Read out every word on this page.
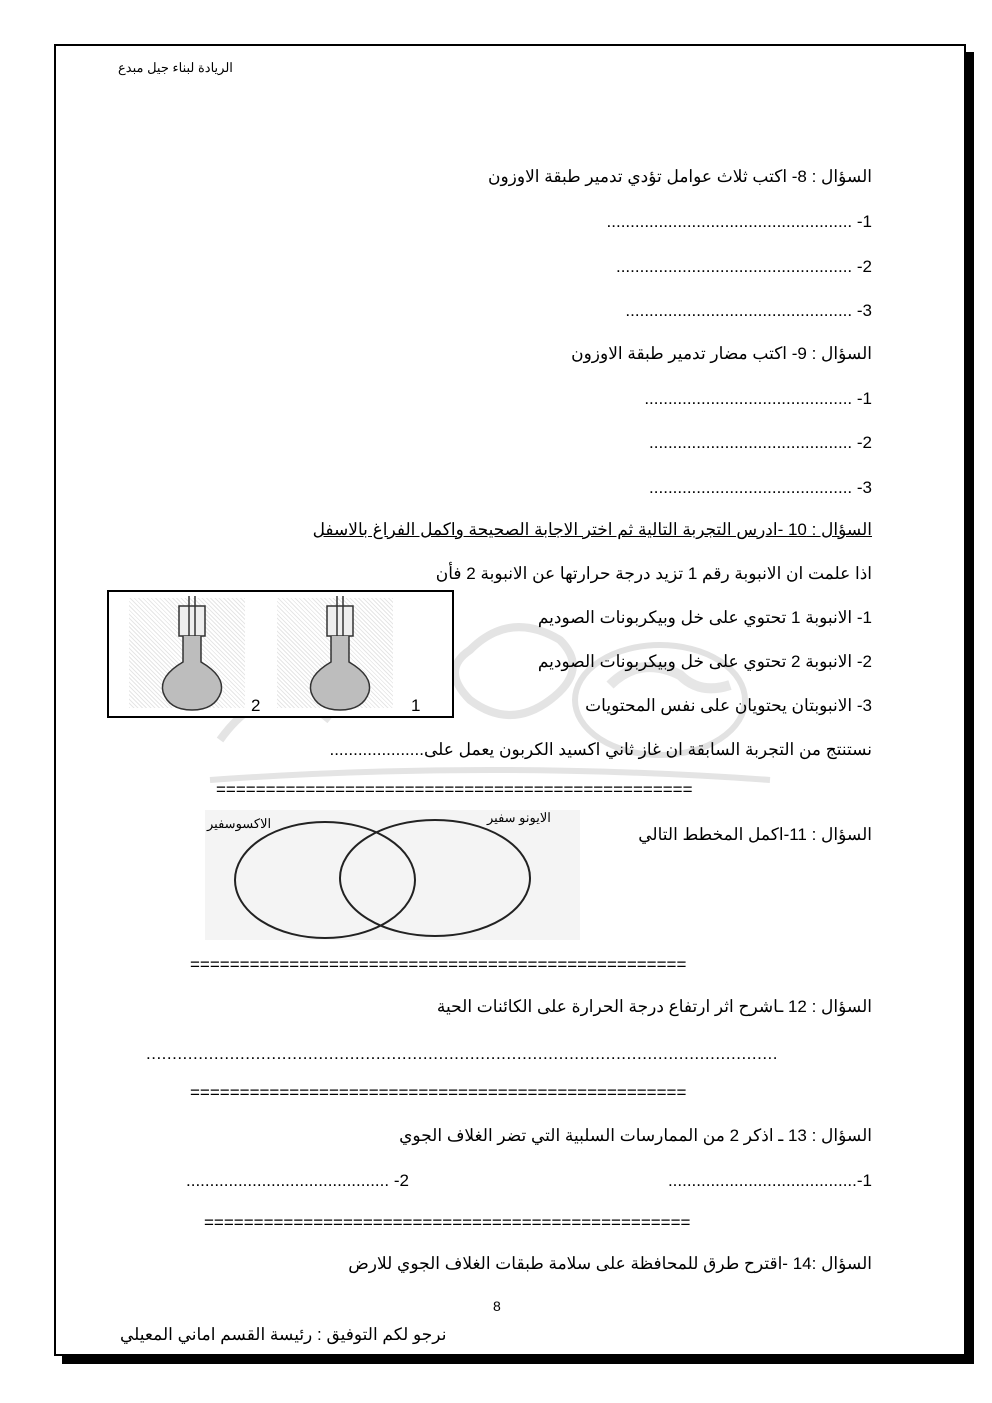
الريادة لبناء جيل مبدع
السؤال : 8- اكتب ثلاث عوامل تؤدي تدمير طبقة الاوزون
1- ....................................................
2- ..................................................
3- ................................................
السؤال : 9- اكتب مضار تدمير طبقة الاوزون
1- ............................................
2- ...........................................
3- ...........................................
السؤال : 10 -ادرس التجربة التالية ثم اختر الاجابة الصحيحة واكمل الفراغ بالاسفل
اذا علمت ان الانبوبة رقم 1 تزيد درجة حرارتها عن الانبوبة 2 فأن
1- الانبوبة 1 تحتوي على خل وبيكربونات الصوديم
2- الانبوبة 2 تحتوي على خل وبيكربونات الصوديم
3- الانبوبتان يحتويان على نفس المحتويات
نستنتج من التجربة السابقة ان غاز ثاني اكسيد الكربون يعمل على....................
2	1
================================================
السؤال : 11-اكمل المخطط التالي
الاكسوسفير	الايونو سفير
==================================================
السؤال : 12 ـاشرح اثر ارتفاع درجة الحرارة على الكائنات الحية
.........................................................................................................................
==================================================
السؤال : 13 ـ اذكر 2 من الممارسات السلبية التي تضر الغلاف الجوي
1-........................................
2- ...........................................
=================================================
السؤال :14 -اقترح طرق للمحافظة على سلامة طبقات الغلاف الجوي للارض
8
نرجو لكم التوفيق : رئيسة القسم اماني المعيلي
